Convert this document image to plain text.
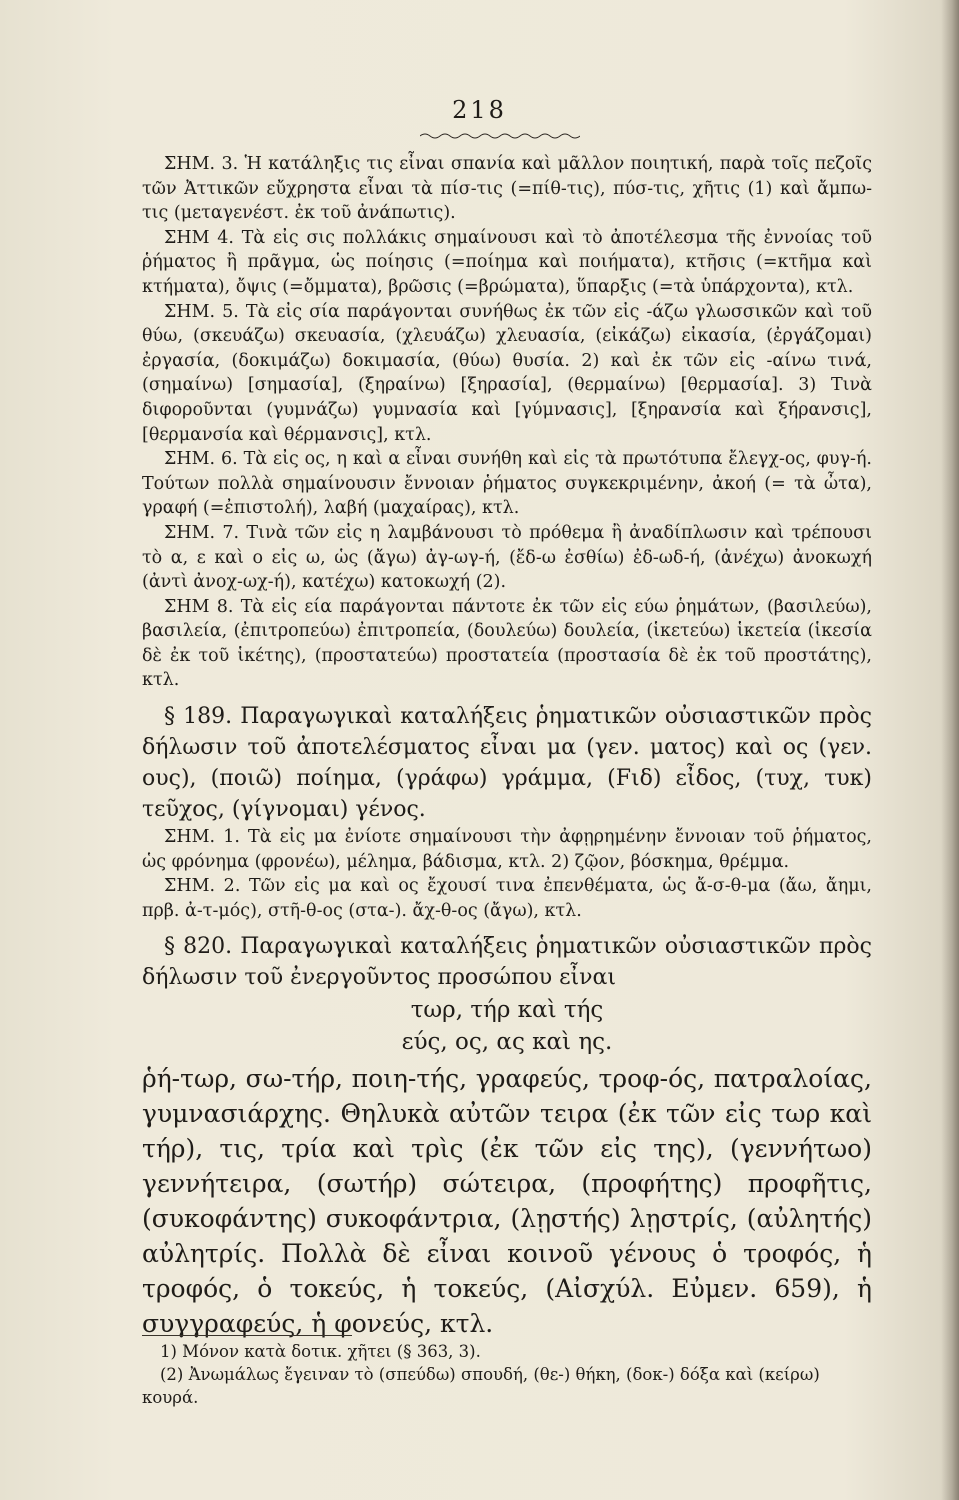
218

ΣΗΜ. 3. Ἡ κατάληξις τις εἶναι σπανία καὶ μᾶλλον ποιητική, παρὰ τοῖς πεζοῖς τῶν Ἀττικῶν εὔχρηστα εἶναι τὰ πίσ-τις (=πίθ-τις), πύσ-τις, χῆτις (1) καὶ ἄμπω-τις (μεταγενέστ. ἐκ τοῦ ἀνάπωτις).

ΣΗΜ 4. Τὰ εἰς σις πολλάκις σημαίνουσι καὶ τὸ ἀποτέλεσμα τῆς ἐννοίας τοῦ ῥήματος ἢ πρᾶγμα, ὡς ποίησις (=ποίημα καὶ ποιήματα), κτῆσις (=κτῆμα καὶ κτήματα), ὄψις (=ὄμματα), βρῶσις (=βρώματα), ὕπαρξις (=τὰ ὑπάρχοντα), κτλ.

ΣΗΜ. 5. Τὰ εἰς σία παράγονται συνήθως ἐκ τῶν εἰς -άζω γλωσσικῶν καὶ τοῦ θύω, (σκευάζω) σκευασία, (χλευάζω) χλευασία, (εἰκάζω) εἰκασία, (ἐργάζομαι) ἐργασία, (δοκιμάζω) δοκιμασία, (θύω) θυσία. 2) καὶ ἐκ τῶν εἰς -αίνω τινά, (σημαίνω) [σημασία], (ξηραίνω) [ξηρασία], (θερμαίνω) [θερμασία]. 3) Τινὰ διφοροῦνται (γυμνάζω) γυμνασία καὶ [γύμνασις], [ξηρανσία καὶ ξήρανσις], [θερμανσία καὶ θέρμανσις], κτλ.

ΣΗΜ. 6. Τὰ εἰς ος, η καὶ α εἶναι συνήθη καὶ εἰς τὰ πρωτότυπα ἔλεγχ-ος, φυγ-ή. Τούτων πολλὰ σημαίνουσιν ἔννοιαν ῥήματος συγκεκριμένην, ἀκοή (= τὰ ὦτα), γραφή (=ἐπιστολή), λαβή (μαχαίρας), κτλ.

ΣΗΜ. 7. Τινὰ τῶν εἰς η λαμβάνουσι τὸ πρόθεμα ἢ ἀναδίπλωσιν καὶ τρέπουσι τὸ α, ε καὶ ο εἰς ω, ὡς (ἄγω) ἀγ-ωγ-ή, (ἔδ-ω ἐσθίω) ἐδ-ωδ-ή, (ἀνέχω) ἀνοκωχή (ἀντὶ ἀνοχ-ωχ-ή), κατέχω) κατοκωχή (2).

ΣΗΜ 8. Τὰ εἰς εία παράγονται πάντοτε ἐκ τῶν εἰς εύω ῥημάτων, (βασιλεύω), βασιλεία, (ἐπιτροπεύω) ἐπιτροπεία, (δουλεύω) δουλεία, (ἱκετεύω) ἱκετεία (ἱκεσία δὲ ἐκ τοῦ ἱκέτης), (προστατεύω) προστατεία (προστασία δὲ ἐκ τοῦ προστάτης), κτλ.

§ 189. Παραγωγικαὶ καταλήξεις ῥηματικῶν οὐσιαστικῶν πρὸς δήλωσιν τοῦ ἀποτελέσματος εἶναι μα (γεν. ματος) καὶ ος (γεν. ους), (ποιῶ) ποίημα, (γράφω) γράμμα, (Fιδ) εἶδος, (τυχ, τυκ) τεῦχος, (γίγνομαι) γένος.

ΣΗΜ. 1. Τὰ εἰς μα ἐνίοτε σημαίνουσι τὴν ἀφῃρημένην ἔννοιαν τοῦ ῥήματος, ὡς φρόνημα (φρονέω), μέλημα, βάδισμα, κτλ. 2) ζῷον, βόσκημα, θρέμμα.

ΣΗΜ. 2. Τῶν εἰς μα καὶ ος ἔχουσί τινα ἐπενθέματα, ὡς ἄ-σ-θ-μα (ἄω, ἄημι, πρβ. ἀ-τ-μός), στῆ-θ-ος (στα-). ἄχ-θ-ος (ἄγω), κτλ.

§ 820. Παραγωγικαὶ καταλήξεις ῥηματικῶν οὐσιαστικῶν πρὸς δήλωσιν τοῦ ἐνεργοῦντος προσώπου εἶναι

τωρ, τήρ καὶ τής
εύς, ος, ας καὶ ης.

ῥή-τωρ, σω-τήρ, ποιη-τής, γραφεύς, τροφ-ός, πατραλοίας, γυμνασιάρχης. Θηλυκὰ αὐτῶν τειρα (ἐκ τῶν εἰς τωρ καὶ τήρ), τις, τρία καὶ τρὶς (ἐκ τῶν εἰς της), (γεννήτωο) γεννήτειρα, (σωτήρ) σώτειρα, (προφήτης) προφῆτις, (συκοφάντης) συκοφάντρια, (λῃστής) λῃστρίς, (αὐλητής) αὐλητρίς. Πολλὰ δὲ εἶναι κοινοῦ γένους ὁ τροφός, ἡ τροφός, ὁ τοκεύς, ἡ τοκεύς, (Αἰσχύλ. Εὐμεν. 659), ἡ συγγραφεύς, ἡ φονεύς, κτλ.

1) Μόνον κατὰ δοτικ. χῆτει (§ 363, 3).

(2) Ἀνωμάλως ἔγειναν τὸ (σπεύδω) σπουδή, (θε-) θήκη, (δοκ-) δόξα καὶ (κείρω) κουρά.
